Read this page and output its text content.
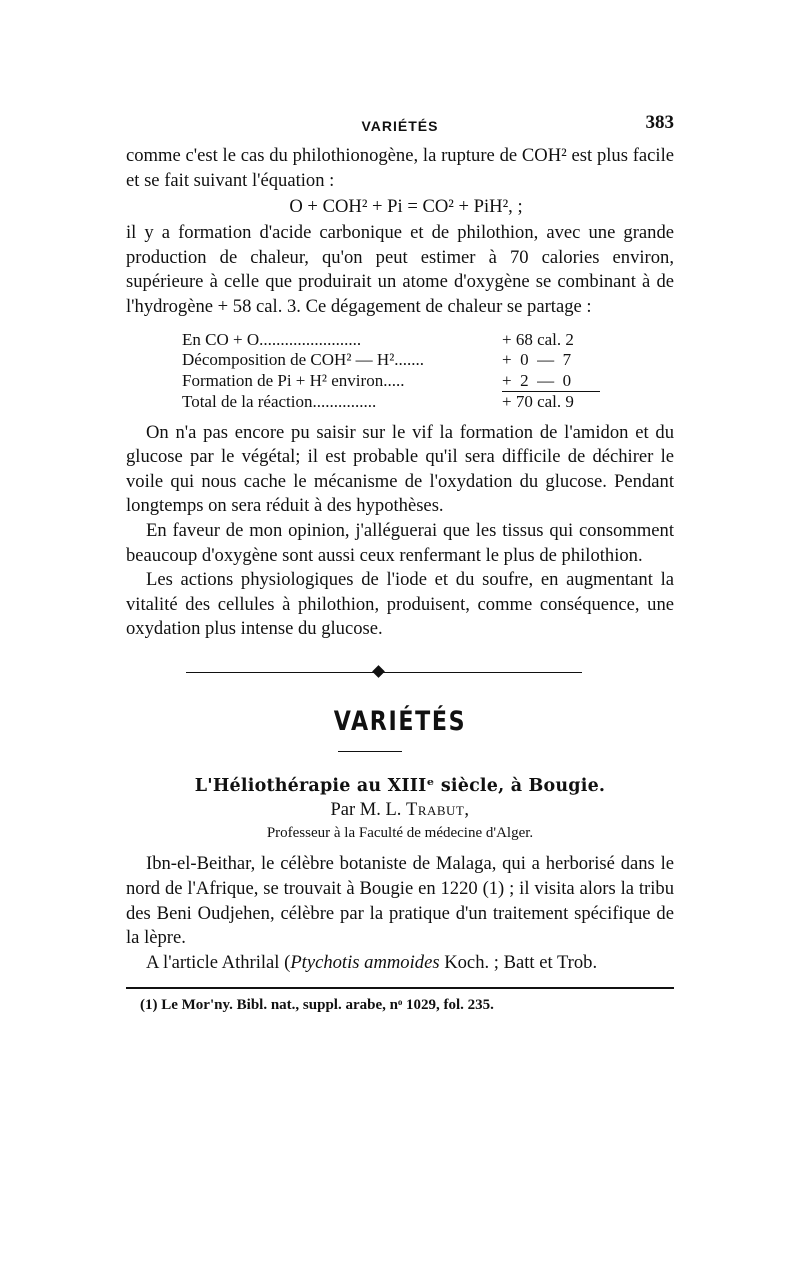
VARIÉTÉS	383

comme c'est le cas du philothionogène, la rupture de COH² est plus facile et se fait suivant l'équation :

O + COH² + Pi = CO² + PiH², ;

il y a formation d'acide carbonique et de philothion, avec une grande production de chaleur, qu'on peut estimer à 70 calories environ, supérieure à celle que produirait un atome d'oxygène se combinant à de l'hydrogène + 58 cal. 3. Ce dégagement de chaleur se partage :

En CO + O........................	+ 68 cal. 2
Décomposition de COH² — H².......	+  0  —  7
Formation de Pi + H² environ.....	+  2  —  0
Total de la réaction...............	+ 70 cal. 9

On n'a pas encore pu saisir sur le vif la formation de l'amidon et du glucose par le végétal; il est probable qu'il sera difficile de déchirer le voile qui nous cache le mécanisme de l'oxydation du glucose. Pendant longtemps on sera réduit à des hypothèses.

En faveur de mon opinion, j'alléguerai que les tissus qui consomment beaucoup d'oxygène sont aussi ceux renfermant le plus de philothion.

Les actions physiologiques de l'iode et du soufre, en augmentant la vitalité des cellules à philothion, produisent, comme conséquence, une oxydation plus intense du glucose.

VARIÉTÉS
L'Héliothérapie au XIIIᵉ siècle, à Bougie.
Par M. L. Trabut,
Professeur à la Faculté de médecine d'Alger.

Ibn-el-Beithar, le célèbre botaniste de Malaga, qui a herborisé dans le nord de l'Afrique, se trouvait à Bougie en 1220 (1) ; il visita alors la tribu des Beni Oudjehen, célèbre par la pratique d'un traitement spécifique de la lèpre.

A l'article Athrilal (Ptychotis ammoides Koch. ; Batt et Trob.

(1) Le Mor'ny. Bibl. nat., suppl. arabe, nᵒ 1029, fol. 235.
